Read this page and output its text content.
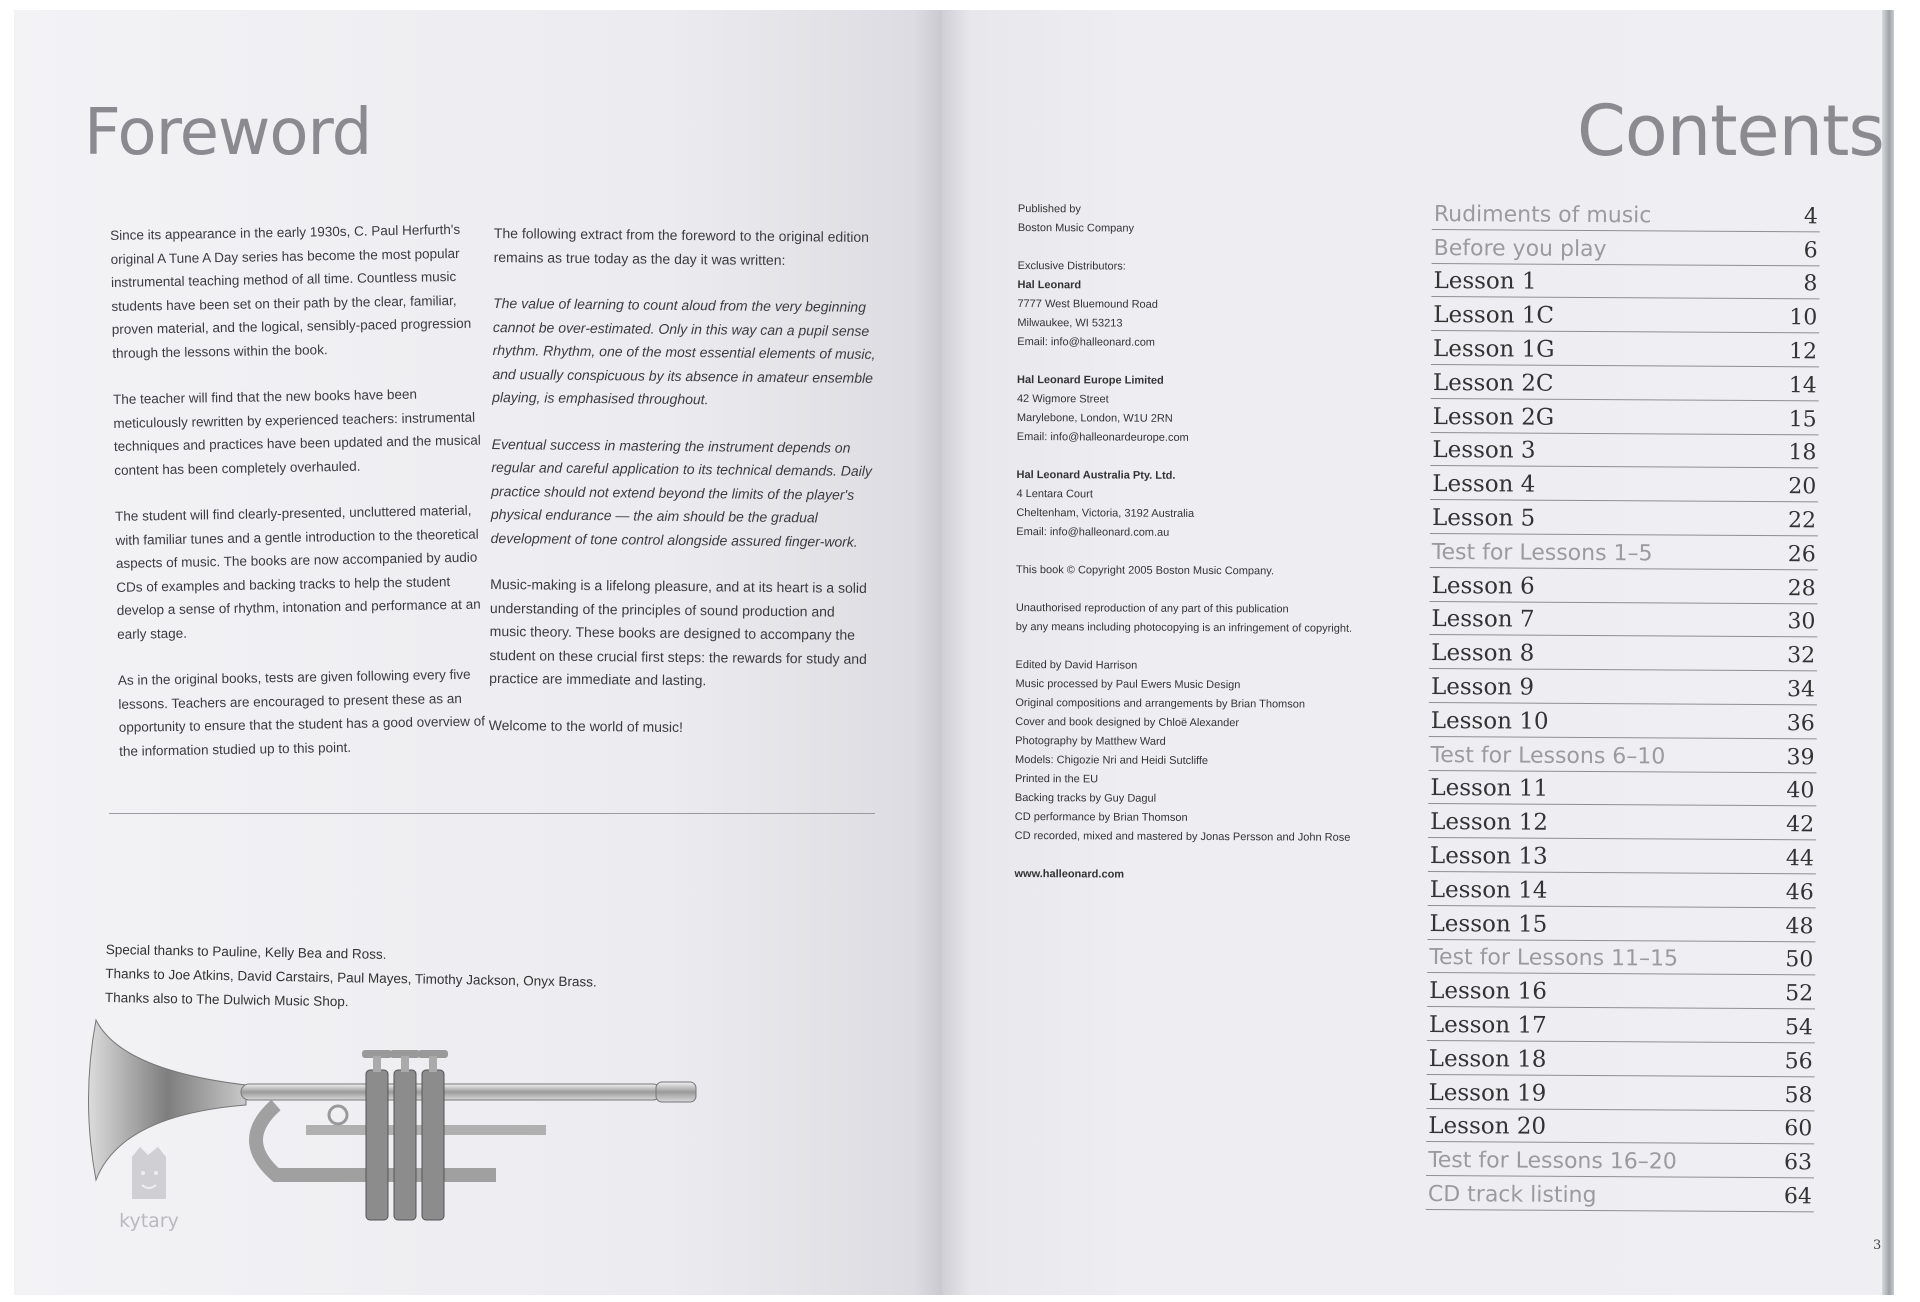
Foreword

Since its appearance in the early 1930s, C. Paul Herfurth's original A Tune A Day series has become the most popular instrumental teaching method of all time. Countless music students have been set on their path by the clear, familiar, proven material, and the logical, sensibly-paced progression through the lessons within the book.

The teacher will find that the new books have been meticulously rewritten by experienced teachers: instrumental techniques and practices have been updated and the musical content has been completely overhauled.

The student will find clearly-presented, uncluttered material, with familiar tunes and a gentle introduction to the theoretical aspects of music. The books are now accompanied by audio CDs of examples and backing tracks to help the student develop a sense of rhythm, intonation and performance at an early stage.

As in the original books, tests are given following every five lessons. Teachers are encouraged to present these as an opportunity to ensure that the student has a good overview of the information studied up to this point.

The following extract from the foreword to the original edition remains as true today as the day it was written:

The value of learning to count aloud from the very beginning cannot be over-estimated. Only in this way can a pupil sense rhythm. Rhythm, one of the most essential elements of music, and usually conspicuous by its absence in amateur ensemble playing, is emphasised throughout.

Eventual success in mastering the instrument depends on regular and careful application to its technical demands. Daily practice should not extend beyond the limits of the player's physical endurance — the aim should be the gradual development of tone control alongside assured finger-work.

Music-making is a lifelong pleasure, and at its heart is a solid understanding of the principles of sound production and music theory. These books are designed to accompany the student on these crucial first steps: the rewards for study and practice are immediate and lasting.

Welcome to the world of music!

Special thanks to Pauline, Kelly Bea and Ross.
Thanks to Joe Atkins, David Carstairs, Paul Mayes, Timothy Jackson, Onyx Brass.
Thanks also to The Dulwich Music Shop.
kytary
Contents
Published by
Boston Music Company
Exclusive Distributors:
Hal Leonard
7777 West Bluemound Road
Milwaukee, WI 53213
Email: info@halleonard.com
Hal Leonard Europe Limited
42 Wigmore Street
Marylebone, London, W1U 2RN
Email: info@halleonardeurope.com
Hal Leonard Australia Pty. Ltd.
4 Lentara Court
Cheltenham, Victoria, 3192 Australia
Email: info@halleonard.com.au
This book © Copyright 2005 Boston Music Company.
Unauthorised reproduction of any part of this publication
by any means including photocopying is an infringement of copyright.
Edited by David Harrison
Music processed by Paul Ewers Music Design
Original compositions and arrangements by Brian Thomson
Cover and book designed by Chloë Alexander
Photography by Matthew Ward
Models: Chigozie Nri and Heidi Sutcliffe
Printed in the EU
Backing tracks by Guy Dagul
CD performance by Brian Thomson
CD recorded, mixed and mastered by Jonas Persson and John Rose
www.halleonard.com
Rudiments of music	4
Before you play	6
Lesson 1	8
Lesson 1C	10
Lesson 1G	12
Lesson 2C	14
Lesson 2G	15
Lesson 3	18
Lesson 4	20
Lesson 5	22
Test for Lessons 1–5	26
Lesson 6	28
Lesson 7	30
Lesson 8	32
Lesson 9	34
Lesson 10	36
Test for Lessons 6–10	39
Lesson 11	40
Lesson 12	42
Lesson 13	44
Lesson 14	46
Lesson 15	48
Test for Lessons 11–15	50
Lesson 16	52
Lesson 17	54
Lesson 18	56
Lesson 19	58
Lesson 20	60
Test for Lessons 16–20	63
CD track listing	64
3
